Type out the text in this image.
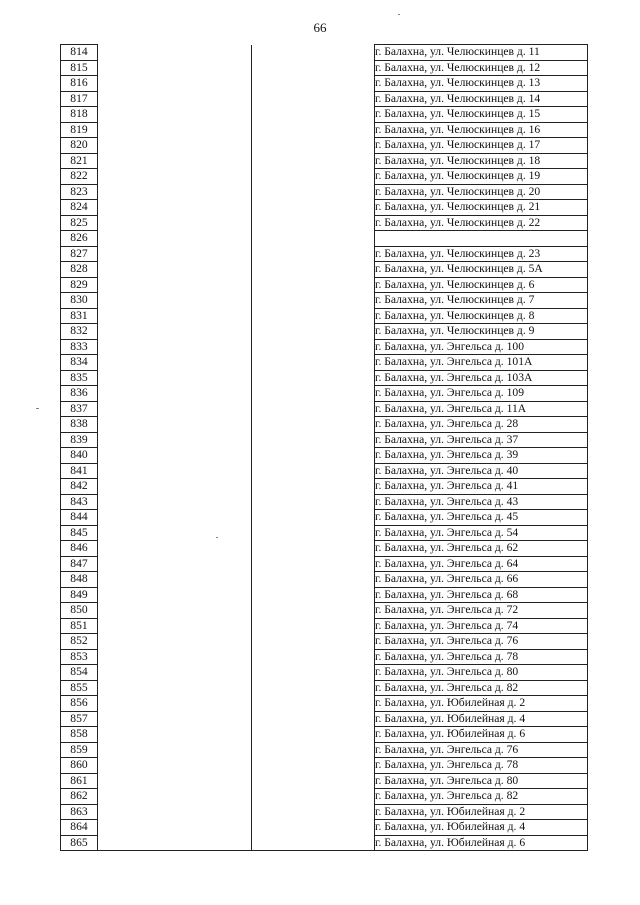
66
814			г. Балахна, ул. Челюскинцев д. 11
815			г. Балахна, ул. Челюскинцев д. 12
816			г. Балахна, ул. Челюскинцев д. 13
817			г. Балахна, ул. Челюскинцев д. 14
818			г. Балахна, ул. Челюскинцев д. 15
819			г. Балахна, ул. Челюскинцев д. 16
820			г. Балахна, ул. Челюскинцев д. 17
821			г. Балахна, ул. Челюскинцев д. 18
822			г. Балахна, ул. Челюскинцев д. 19
823			г. Балахна, ул. Челюскинцев д. 20
824			г. Балахна, ул. Челюскинцев д. 21
825			г. Балахна, ул. Челюскинцев д. 22
826			
827			г. Балахна, ул. Челюскинцев д. 23
828			г. Балахна, ул. Челюскинцев д. 5А
829			г. Балахна, ул. Челюскинцев д. 6
830			г. Балахна, ул. Челюскинцев д. 7
831			г. Балахна, ул. Челюскинцев д. 8
832			г. Балахна, ул. Челюскинцев д. 9
833			г. Балахна, ул. Энгельса д. 100
834			г. Балахна, ул. Энгельса д. 101А
835			г. Балахна, ул. Энгельса д. 103А
836			г. Балахна, ул. Энгельса д. 109
837			г. Балахна, ул. Энгельса д. 11А
838			г. Балахна, ул. Энгельса д. 28
839			г. Балахна, ул. Энгельса д. 37
840			г. Балахна, ул. Энгельса д. 39
841			г. Балахна, ул. Энгельса д. 40
842			г. Балахна, ул. Энгельса д. 41
843			г. Балахна, ул. Энгельса д. 43
844			г. Балахна, ул. Энгельса д. 45
845			г. Балахна, ул. Энгельса д. 54
846			г. Балахна, ул. Энгельса д. 62
847			г. Балахна, ул. Энгельса д. 64
848			г. Балахна, ул. Энгельса д. 66
849			г. Балахна, ул. Энгельса д. 68
850			г. Балахна, ул. Энгельса д. 72
851			г. Балахна, ул. Энгельса д. 74
852			г. Балахна, ул. Энгельса д. 76
853			г. Балахна, ул. Энгельса д. 78
854			г. Балахна, ул. Энгельса д. 80
855			г. Балахна, ул. Энгельса д. 82
856			г. Балахна, ул. Юбилейная д. 2
857			г. Балахна, ул. Юбилейная д. 4
858			г. Балахна, ул. Юбилейная д. 6
859			г. Балахна, ул. Энгельса д. 76
860			г. Балахна, ул. Энгельса д. 78
861			г. Балахна, ул. Энгельса д. 80
862			г. Балахна, ул. Энгельса д. 82
863			г. Балахна, ул. Юбилейная д. 2
864			г. Балахна, ул. Юбилейная д. 4
865			г. Балахна, ул. Юбилейная д. 6
